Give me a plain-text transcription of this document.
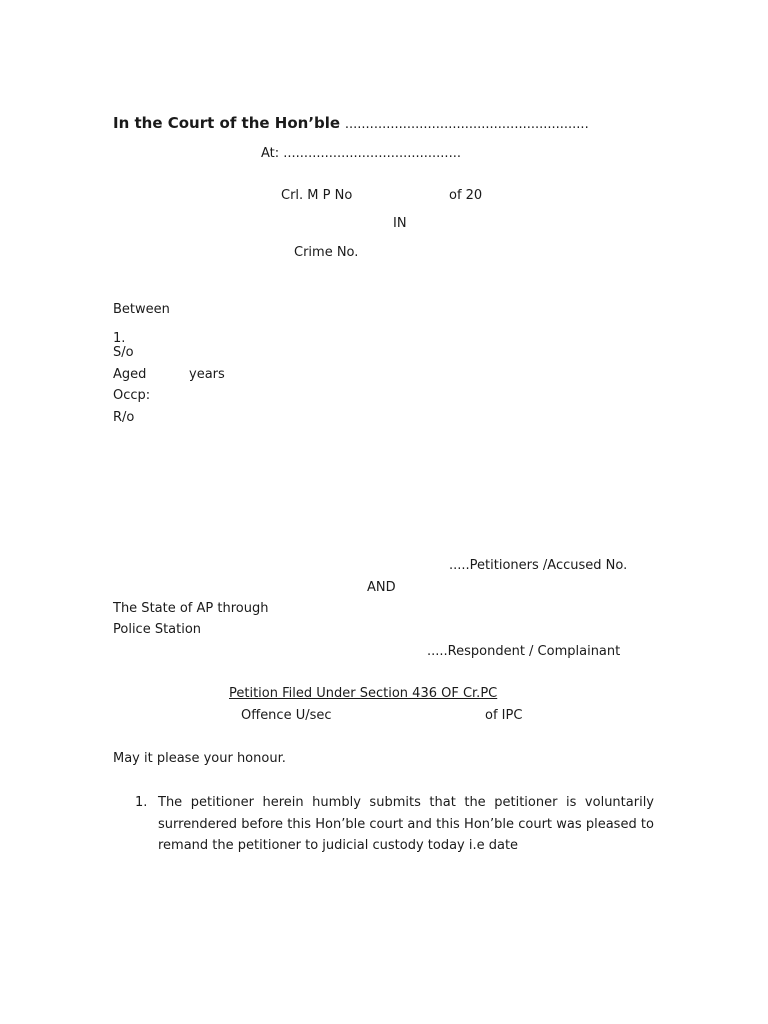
In the Court of the Hon’ble ...........................................................
At: ...........................................
Crl. M P No	of 20
IN
Crime No.
Between
1.
S/o
Aged	years
Occp:
R/o
.....Petitioners /Accused No.
AND
The State of AP through
Police Station
.....Respondent / Complainant
Petition Filed Under Section 436 OF Cr.PC
Offence U/sec	of IPC
May it please your honour.
1. The petitioner herein humbly submits that the petitioner is voluntarily surrendered before this Hon’ble court and this Hon’ble court was pleased to remand the petitioner to judicial custody today i.e date
